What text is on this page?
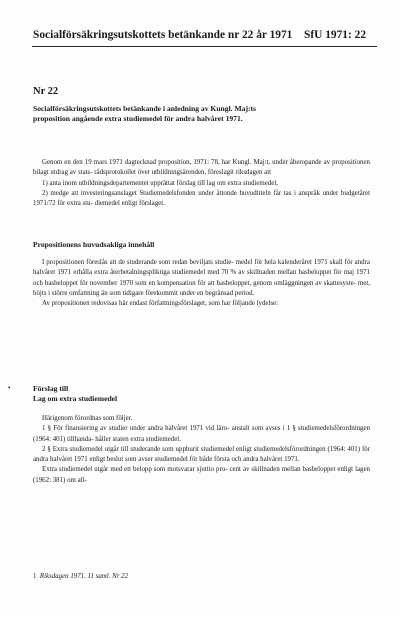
Socialförsäkringsutskottets betänkande nr 22 år 1971 SfU 1971: 22
Nr 22
Socialförsäkringsutskottets betänkande i anledning av Kungl. Maj:ts
proposition angående extra studiemedel för andra halvåret 1971.

Genom en den 19 mars 1971 dagtecknad proposition, 1971: 78, har Kungl. Maj:t, under åberopande av propositionen bilagt utdrag av stats- rådsprotokollet över utbildningsärenden, föreslagit riksdagen att

1) anta inom utbildningsdepartementet upprättat förslag till lag om extra studiemedel,

2) medge att investeringsanslaget Studiemedelsfonden under åttonde huvudtiteln får tas i anspråk under budgetåret 1971/72 för extra stu- diemedel enligt förslaget.

Propositionens huvudsakliga innehåll

I propositionen föreslås att de studerande som redan beviljats studie- medel för hela kalenderåret 1971 skall för andra halvåret 1971 erhålla extra återbetalningspliktiga studiemedel med 70 % av skillnaden mellan basbeloppet för maj 1971 och basbeloppet för november 1970 som en kompensation för att basbeloppet, genom omläggningen av skattesyste- met, höjts i större omfattning än som tidigare förekommit under en begränsad period.

Av propositionen redovisas här endast författningsförslaget, som har följande lydelse:

•	Förslag till
Lag om extra studiemedel

Härigenom förordnas som följer.

1 § För finansiering av studier under andra halvåret 1971 vid läro- anstalt som avses i 1 § studiemedelsförordningen (1964: 401) tillhanda- håller staten extra studiemedel.

2 § Extra studiemedel utgår till studerande som uppburit studiemedel enligt studiemedelsförordningen (1964: 401) för andra halvåret 1971 enligt beslut som avser studiemedel för både första och andra halvåret 1971.

Extra studiemedel utgår med ett belopp som motsvarar sjuttio pro- cent av skillnaden mellan basbeloppet enligt lagen (1962: 381) om all-

1 Riksdagen 1971. 11 saml. Nr 22
